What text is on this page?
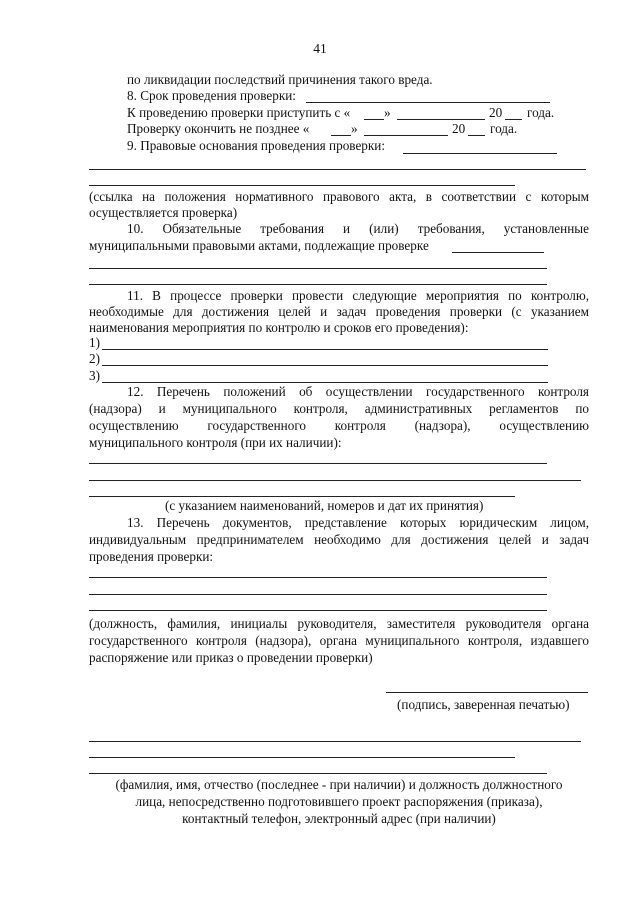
41
по ликвидации последствий причинения такого вреда.
8. Срок проведения проверки:
К проведению проверки приступить с «	»	20 года.
Проверку окончить не позднее «	»	20 года.
9. Правовые основания проведения проверки:
(ссылка на положения нормативного правового акта, в соответствии с которым
осуществляется проверка)
10. Обязательные требования и (или) требования, установленные
муниципальными правовыми актами, подлежащие проверке
11. В процессе проверки провести следующие мероприятия по контролю,
необходимые для достижения целей и задач проведения проверки (с указанием
наименования мероприятия по контролю и сроков его проведения):
1)
2)
3)
12. Перечень положений об осуществлении государственного контроля
(надзора) и муниципального контроля, административных регламентов по
осуществлению государственного контроля (надзора), осуществлению
муниципального контроля (при их наличии):
(с указанием наименований, номеров и дат их принятия)
13. Перечень документов, представление которых юридическим лицом,
индивидуальным предпринимателем необходимо для достижения целей и задач
проведения проверки:
(должность, фамилия, инициалы руководителя, заместителя руководителя органа
государственного контроля (надзора), органа муниципального контроля, издавшего
распоряжение или приказ о проведении проверки)
(подпись, заверенная печатью)
(фамилия, имя, отчество (последнее - при наличии) и должность должностного
лица, непосредственно подготовившего проект распоряжения (приказа),
контактный телефон, электронный адрес (при наличии)
